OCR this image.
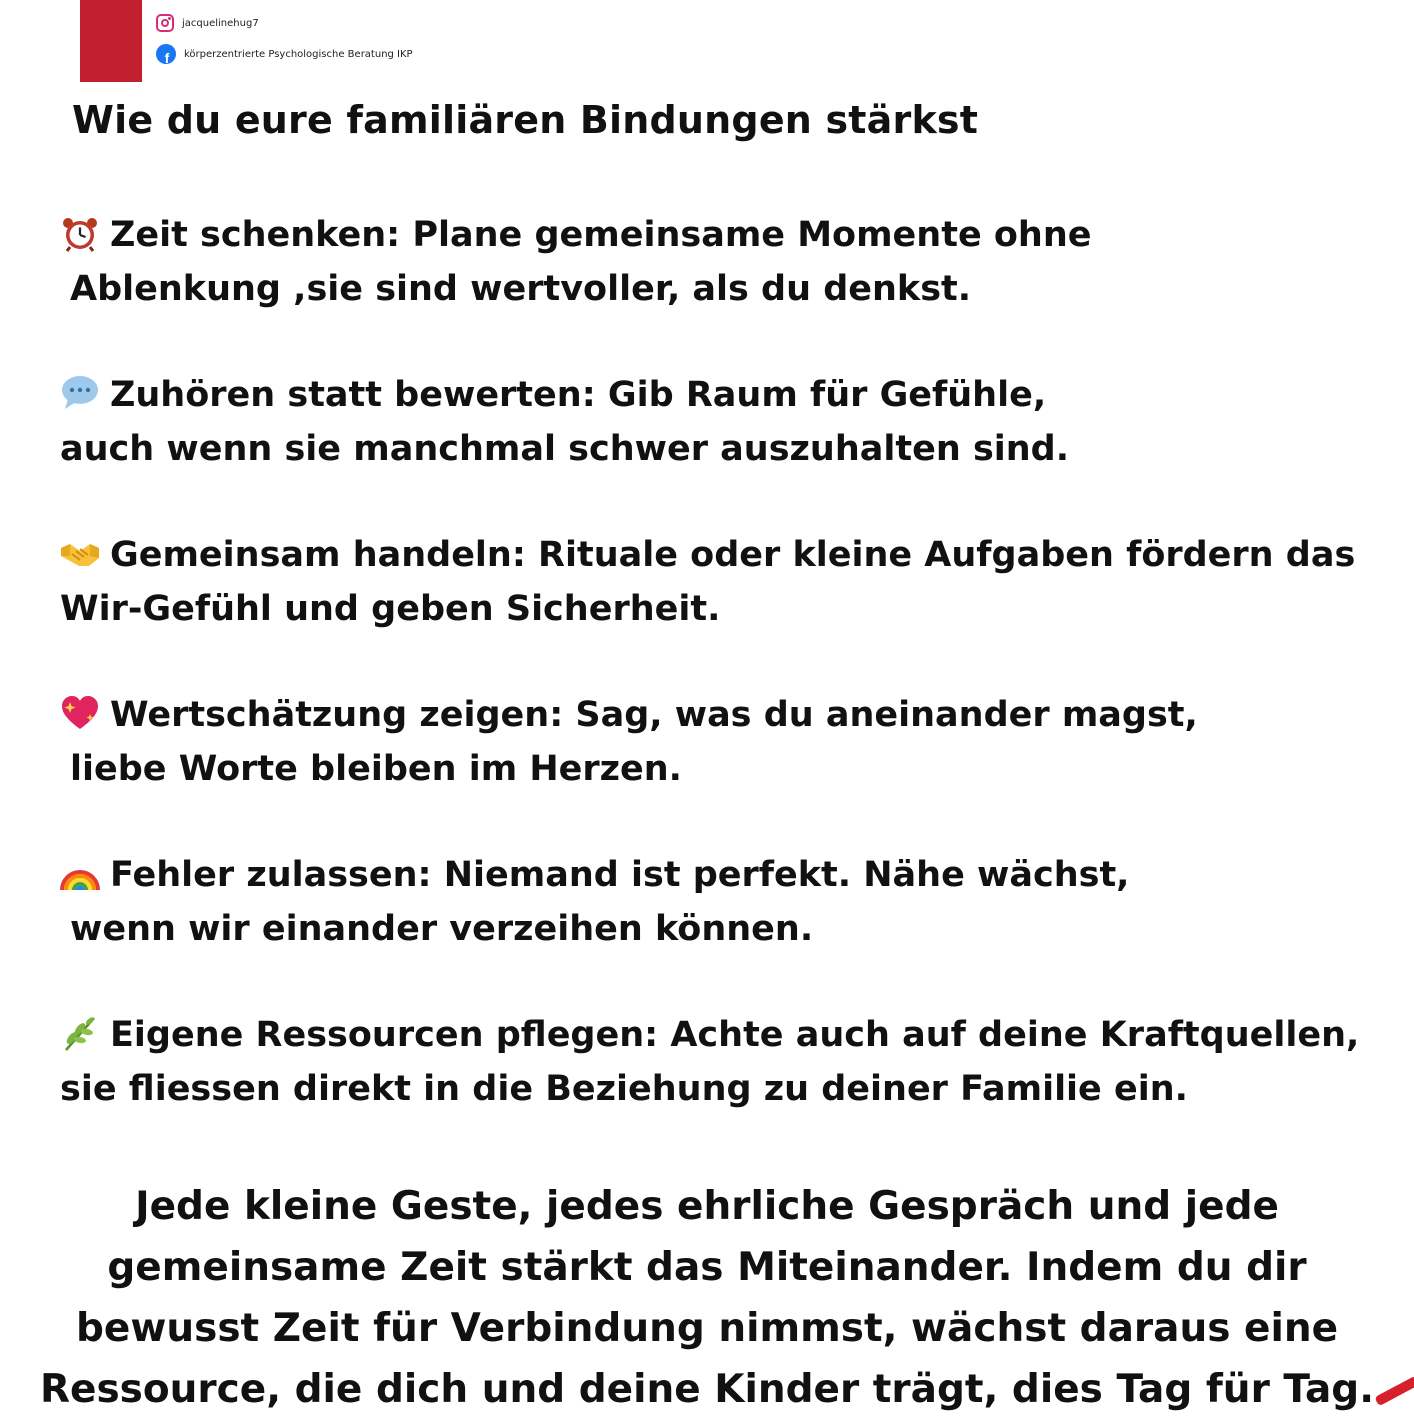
jacquelinehug7
f körperzentrierte Psychologische Beratung IKP
Wie du eure familiären Bindungen stärkst
Zeit schenken: Plane gemeinsame Momente ohne
Ablenkung ,sie sind wertvoller, als du denkst.
Zuhören statt bewerten: Gib Raum für Gefühle,
auch wenn sie manchmal schwer auszuhalten sind.
Gemeinsam handeln: Rituale oder kleine Aufgaben fördern das
Wir-Gefühl und geben Sicherheit.
Wertschätzung zeigen: Sag, was du aneinander magst,
liebe Worte bleiben im Herzen.
Fehler zulassen: Niemand ist perfekt. Nähe wächst,
wenn wir einander verzeihen können.
Eigene Ressourcen pflegen: Achte auch auf deine Kraftquellen,
sie fliessen direkt in die Beziehung zu deiner Familie ein.

Jede kleine Geste, jedes ehrliche Gespräch und jede
gemeinsame Zeit stärkt das Miteinander. Indem du dir
bewusst Zeit für Verbindung nimmst, wächst daraus eine
Ressource, die dich und deine Kinder trägt, dies Tag für Tag.
